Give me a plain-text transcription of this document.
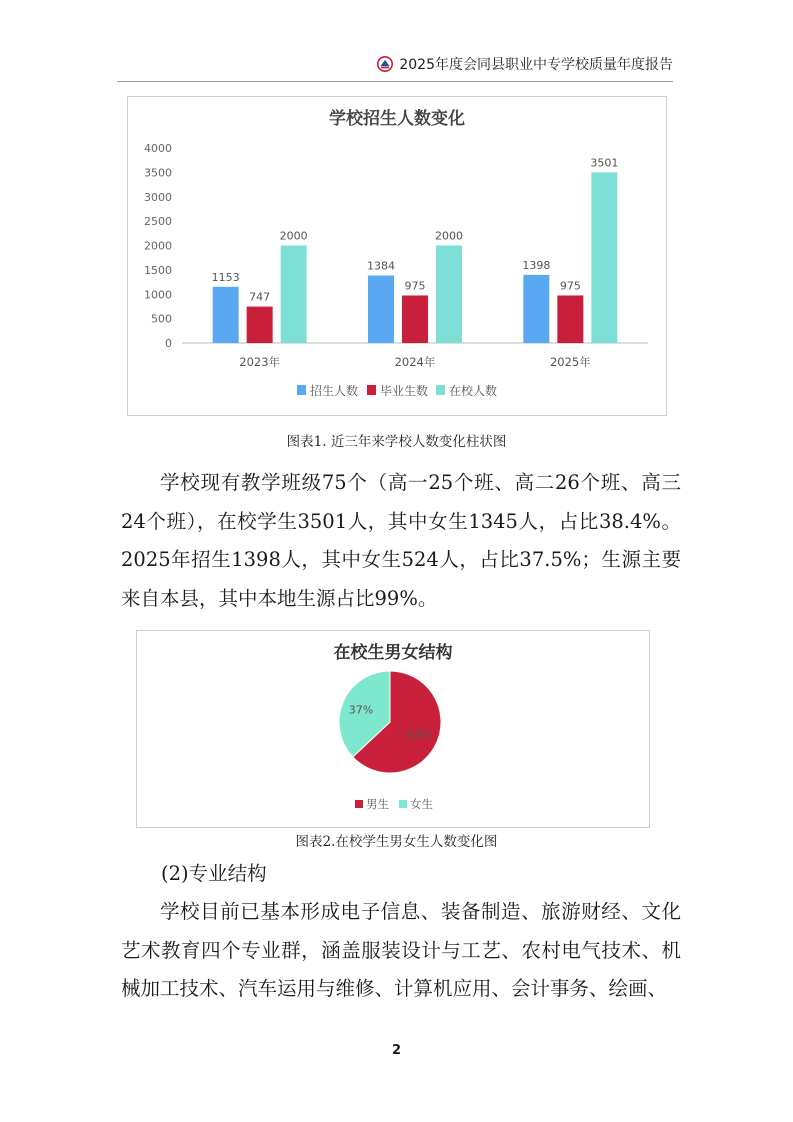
2025年度会同县职业中专学校质量年度报告
学校招生人数变化
0
500
1000
1500
2000
2500
3000
3500
4000
1153
747
2000
2023年
1384
975
2000
2024年
1398
975
3501
2025年
招生人数 毕业生数 在校人数
图表1. 近三年来学校人数变化柱状图

学校现有教学班级75个（高一25个班、高二26个班、高三24个班），在校学生3501人，其中女生1345人，占比38.4%。2025年招生1398人，其中女生524人，占比37.5%；生源主要来自本县，其中本地生源占比99%。

在校生男女结构
63%
37%
男生 女生
图表2.在校学生男女生人数变化图
(2)专业结构

学校目前已基本形成电子信息、装备制造、旅游财经、文化艺术教育四个专业群，涵盖服装设计与工艺、农村电气技术、机械加工技术、汽车运用与维修、计算机应用、会计事务、绘画、

2
